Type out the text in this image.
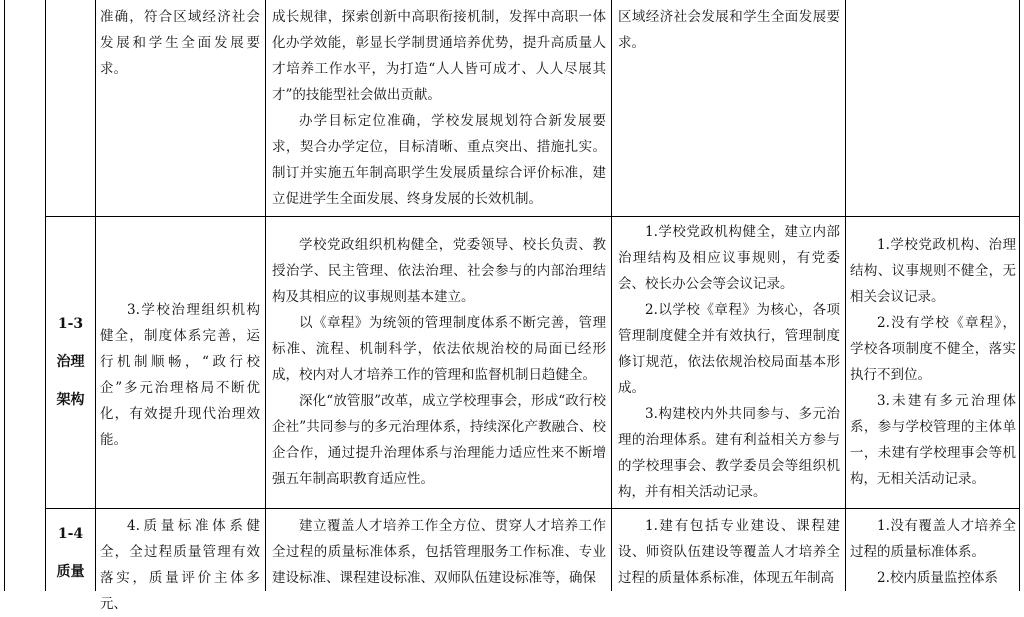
准确，符合区域经济社会发展和学生全面发展要求。

成长规律，探索创新中高职衔接机制，发挥中高职一体化办学效能，彰显长学制贯通培养优势，提升高质量人才培养工作水平，为打造“人人皆可成才、人人尽展其才”的技能型社会做出贡献。

办学目标定位准确，学校发展规划符合新发展要求，契合办学定位，目标清晰、重点突出、措施扎实。制订并实施五年制高职学生发展质量综合评价标准，建立促进学生全面发展、终身发展的长效机制。

区域经济社会发展和学生全面发展要求。

1-3
治理
架构

3.学校治理组织机构健全，制度体系完善，运行机制顺畅，“政行校企”多元治理格局不断优化，有效提升现代治理效能。

学校党政组织机构健全，党委领导、校长负责、教授治学、民主管理、依法治理、社会参与的内部治理结构及其相应的议事规则基本建立。

以《章程》为统领的管理制度体系不断完善，管理标准、流程、机制科学，依法依规治校的局面已经形成，校内对人才培养工作的管理和监督机制日趋健全。

深化“放管服”改革，成立学校理事会，形成“政行校企社”共同参与的多元治理体系，持续深化产教融合、校企合作，通过提升治理体系与治理能力适应性来不断增强五年制高职教育适应性。

1.学校党政机构健全，建立内部治理结构及相应议事规则，有党委会、校长办公会等会议记录。

2.以学校《章程》为核心，各项管理制度健全并有效执行，管理制度修订规范，依法依规治校局面基本形成。

3.构建校内外共同参与、多元治理的治理体系。建有利益相关方参与的学校理事会、教学委员会等组织机构，并有相关活动记录。

1.学校党政机构、治理结构、议事规则不健全，无相关会议记录。

2.没有学校《章程》，学校各项制度不健全，落实执行不到位。

3.未建有多元治理体系，参与学校管理的主体单一，未建有学校理事会等机构，无相关活动记录。

1-4
质量

4.质量标准体系健全，全过程质量管理有效落实，质量评价主体多元、

建立覆盖人才培养工作全方位、贯穿人才培养工作全过程的质量标准体系，包括管理服务工作标准、专业建设标准、课程建设标准、双师队伍建设标准等，确保

1.建有包括专业建设、课程建设、师资队伍建设等覆盖人才培养全过程的质量体系标准，体现五年制高

1.没有覆盖人才培养全过程的质量标准体系。

2.校内质量监控体系
